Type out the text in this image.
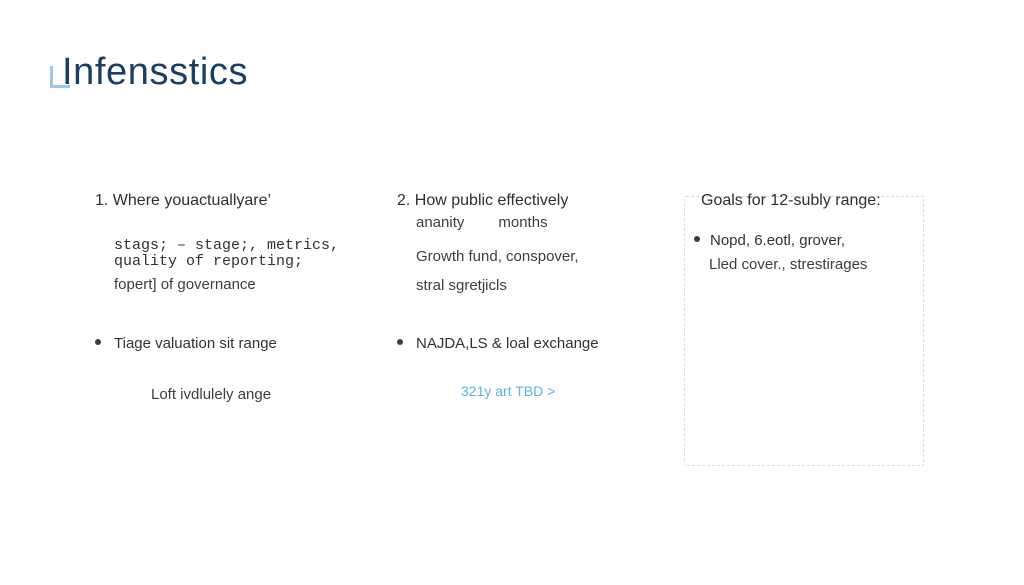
Infensstics
1. Where youactuallyare’
stags; – stage;, metrics,
quality of reporting;
fopert] of governance
Tiage valuation sit range
Loft ivdlulely ange
2. How public effectively
ananity months
Growth fund, conspover,
stral sgretjicls
NAJDA,LS & loal exchange
321y art TBD >
Goals for 12-subly range:
Nopd, 6.eotl, grover,
Lled cover., strestirages
